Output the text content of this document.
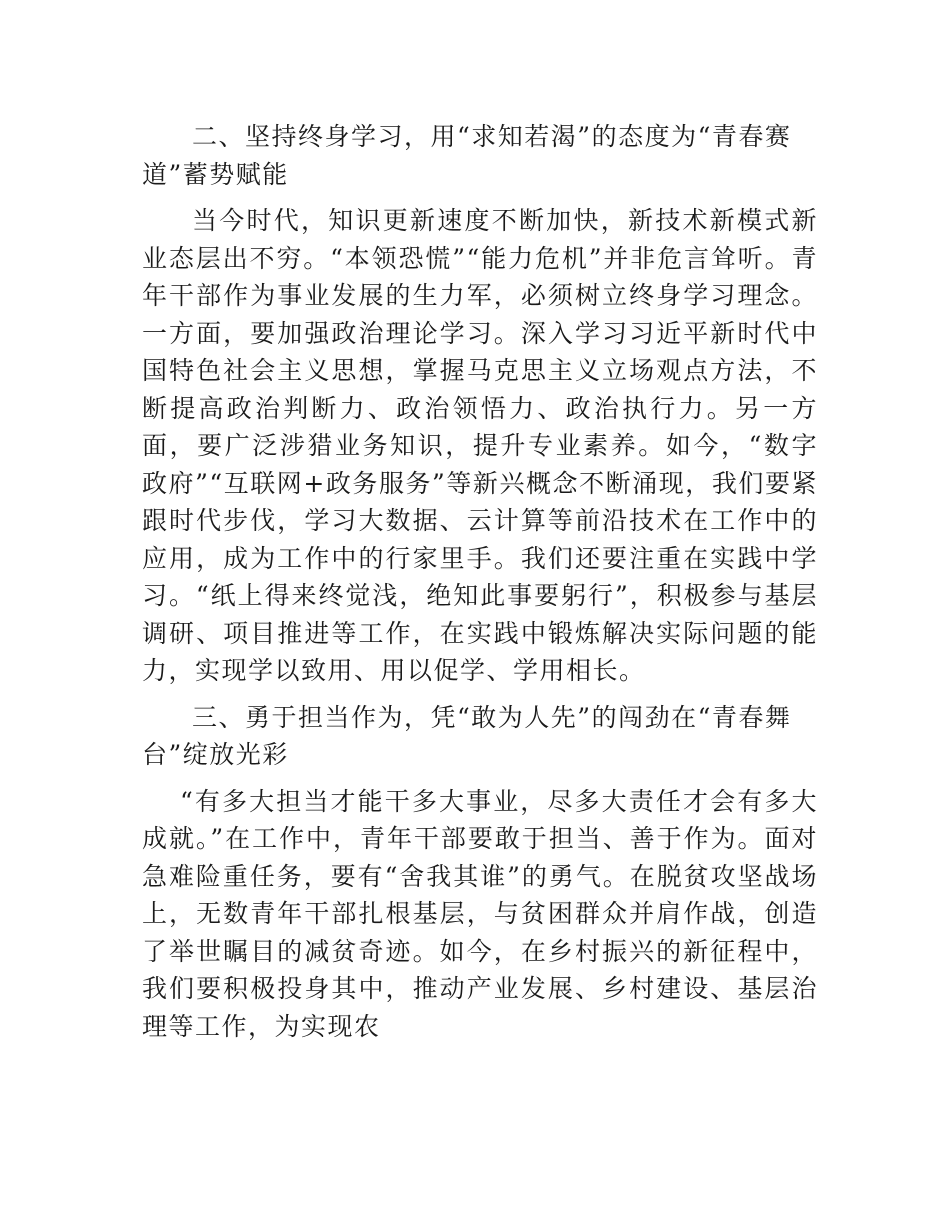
二、坚持终身学习，用“求知若渴”的态度为“青春赛道”蓄势赋能

当今时代，知识更新速度不断加快，新技术新模式新业态层出不穷。“本领恐慌”“能力危机”并非危言耸听。青年干部作为事业发展的生力军，必须树立终身学习理念。一方面，要加强政治理论学习。深入学习习近平新时代中国特色社会主义思想，掌握马克思主义立场观点方法，不断提高政治判断力、政治领悟力、政治执行力。另一方面，要广泛涉猎业务知识，提升专业素养。如今，“数字政府”“互联网+政务服务”等新兴概念不断涌现，我们要紧跟时代步伐，学习大数据、云计算等前沿技术在工作中的应用，成为工作中的行家里手。我们还要注重在实践中学习。“纸上得来终觉浅，绝知此事要躬行”，积极参与基层调研、项目推进等工作，在实践中锻炼解决实际问题的能力，实现学以致用、用以促学、学用相长。

三、勇于担当作为，凭“敢为人先”的闯劲在“青春舞台”绽放光彩

“有多大担当才能干多大事业，尽多大责任才会有多大成就。”在工作中，青年干部要敢于担当、善于作为。面对急难险重任务，要有“舍我其谁”的勇气。在脱贫攻坚战场上，无数青年干部扎根基层，与贫困群众并肩作战，创造了举世瞩目的减贫奇迹。如今，在乡村振兴的新征程中，我们要积极投身其中，推动产业发展、乡村建设、基层治理等工作，为实现农
